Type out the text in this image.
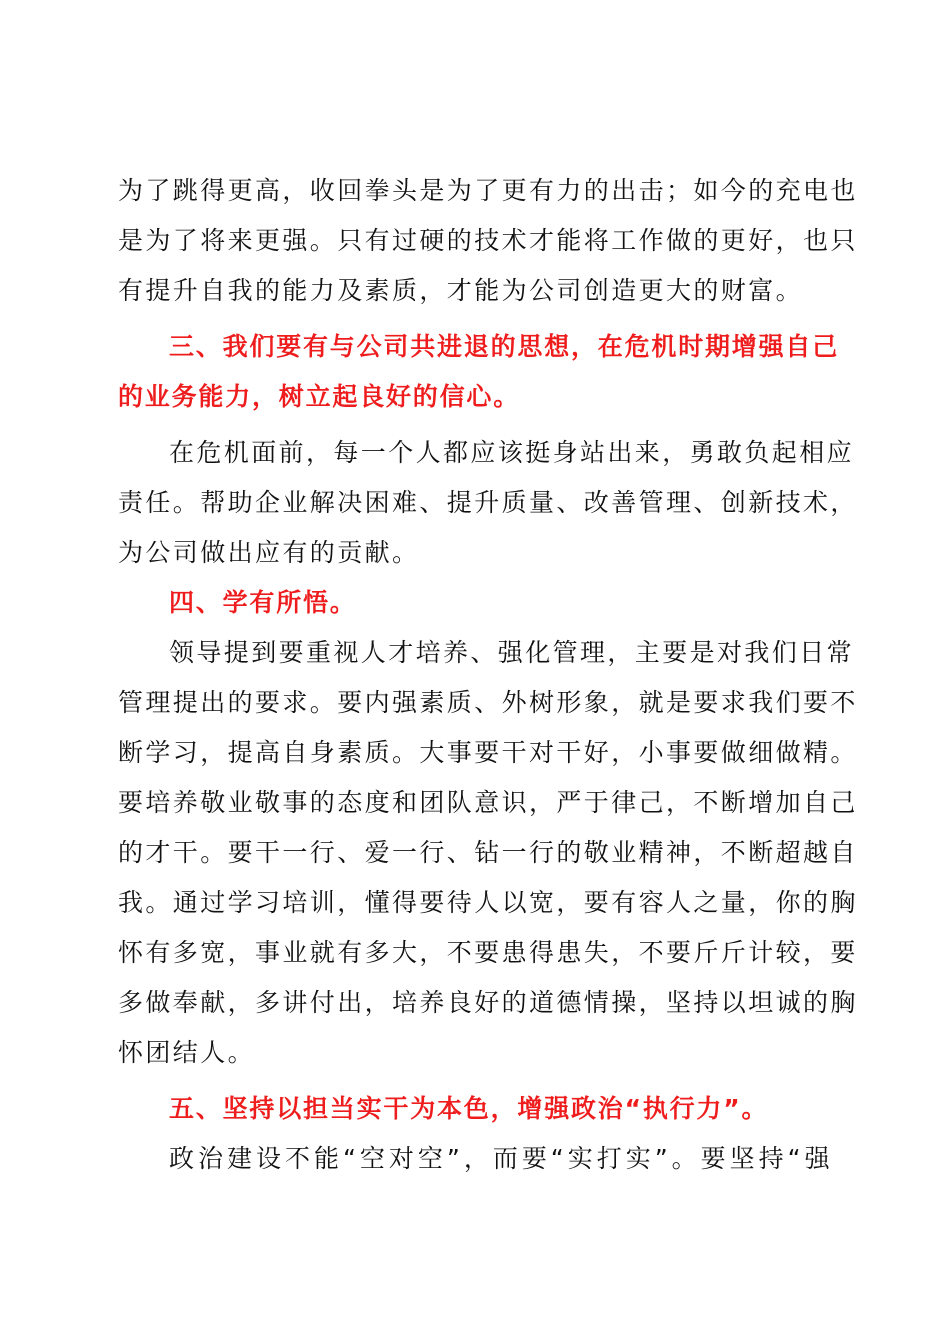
为了跳得更高，收回拳头是为了更有力的出击；如今的充电也
是为了将来更强。只有过硬的技术才能将工作做的更好，也只
有提升自我的能力及素质，才能为公司创造更大的财富。
三、我们要有与公司共进退的思想，在危机时期增强自己
的业务能力，树立起良好的信心。
在危机面前，每一个人都应该挺身站出来，勇敢负起相应
责任。帮助企业解决困难、提升质量、改善管理、创新技术，
为公司做出应有的贡献。
四、学有所悟。
领导提到要重视人才培养、强化管理，主要是对我们日常
管理提出的要求。要内强素质、外树形象，就是要求我们要不
断学习，提高自身素质。大事要干对干好，小事要做细做精。
要培养敬业敬事的态度和团队意识，严于律己，不断增加自己
的才干。要干一行、爱一行、钻一行的敬业精神，不断超越自
我。通过学习培训，懂得要待人以宽，要有容人之量，你的胸
怀有多宽，事业就有多大，不要患得患失，不要斤斤计较，要
多做奉献，多讲付出，培养良好的道德情操，坚持以坦诚的胸
怀团结人。
五、坚持以担当实干为本色，增强政治“执行力”。
政治建设不能“空对空”，而要“实打实”。要坚持“强
